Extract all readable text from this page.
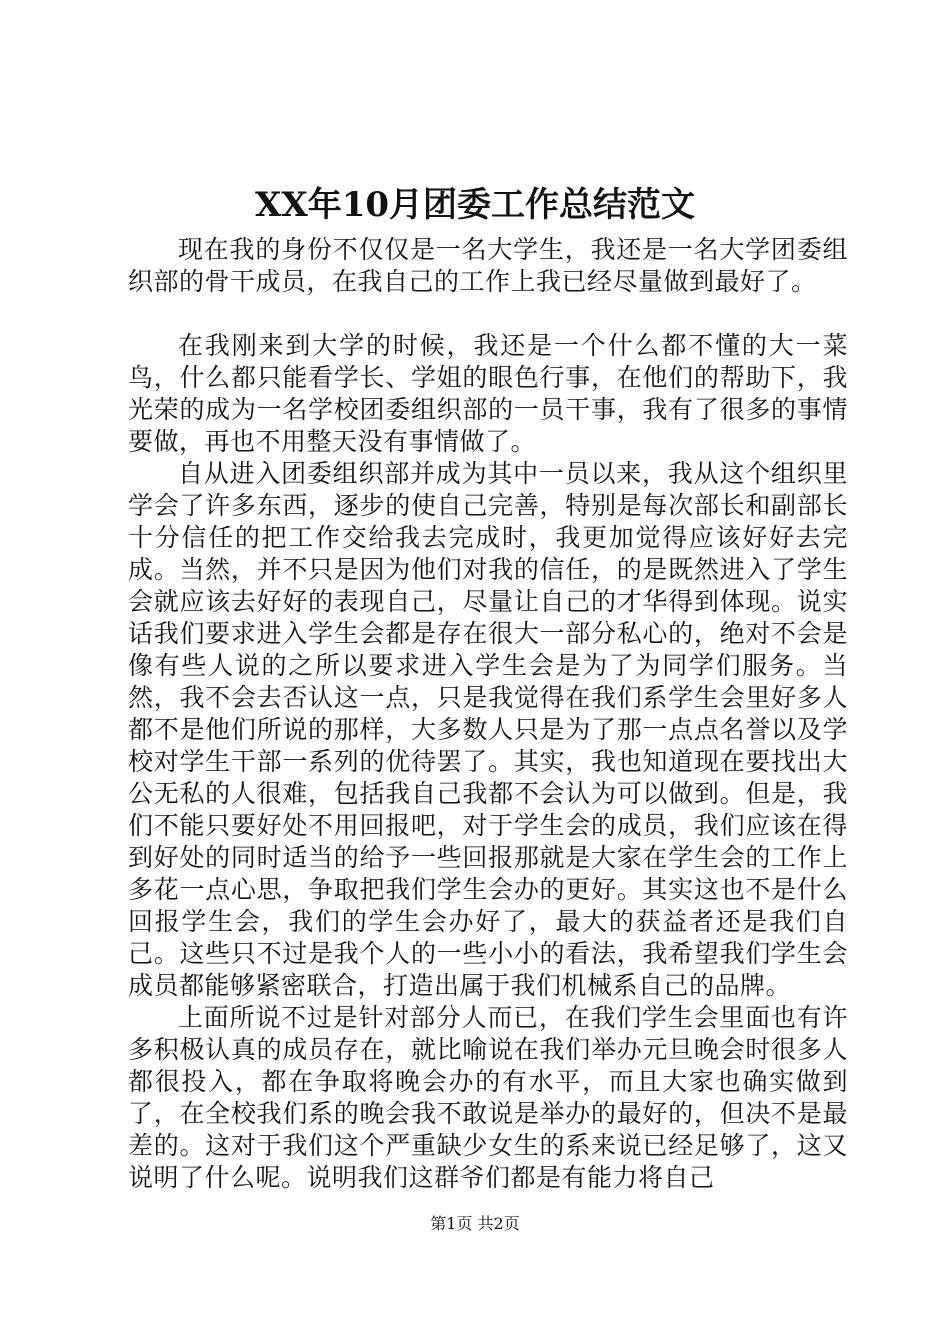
XX年10月团委工作总结范文

现在我的身份不仅仅是一名大学生，我还是一名大学团委组织部的骨干成员，在我自己的工作上我已经尽量做到最好了。

在我刚来到大学的时候，我还是一个什么都不懂的大一菜鸟，什么都只能看学长、学姐的眼色行事，在他们的帮助下，我光荣的成为一名学校团委组织部的一员干事，我有了很多的事情要做，再也不用整天没有事情做了。

自从进入团委组织部并成为其中一员以来，我从这个组织里学会了许多东西，逐步的使自己完善，特别是每次部长和副部长十分信任的把工作交给我去完成时，我更加觉得应该好好去完成。当然，并不只是因为他们对我的信任，的是既然进入了学生会就应该去好好的表现自己，尽量让自己的才华得到体现。说实话我们要求进入学生会都是存在很大一部分私心的，绝对不会是像有些人说的之所以要求进入学生会是为了为同学们服务。当然，我不会去否认这一点，只是我觉得在我们系学生会里好多人都不是他们所说的那样，大多数人只是为了那一点点名誉以及学校对学生干部一系列的优待罢了。其实，我也知道现在要找出大公无私的人很难，包括我自己我都不会认为可以做到。但是，我们不能只要好处不用回报吧，对于学生会的成员，我们应该在得到好处的同时适当的给予一些回报那就是大家在学生会的工作上多花一点心思，争取把我们学生会办的更好。其实这也不是什么回报学生会，我们的学生会办好了，最大的获益者还是我们自己。这些只不过是我个人的一些小小的看法，我希望我们学生会成员都能够紧密联合，打造出属于我们机械系自己的品牌。

上面所说不过是针对部分人而已，在我们学生会里面也有许多积极认真的成员存在，就比喻说在我们举办元旦晚会时很多人都很投入，都在争取将晚会办的有水平，而且大家也确实做到了，在全校我们系的晚会我不敢说是举办的最好的，但决不是最差的。这对于我们这个严重缺少女生的系来说已经足够了，这又说明了什么呢。说明我们这群爷们都是有能力将自己

第1页 共2页
